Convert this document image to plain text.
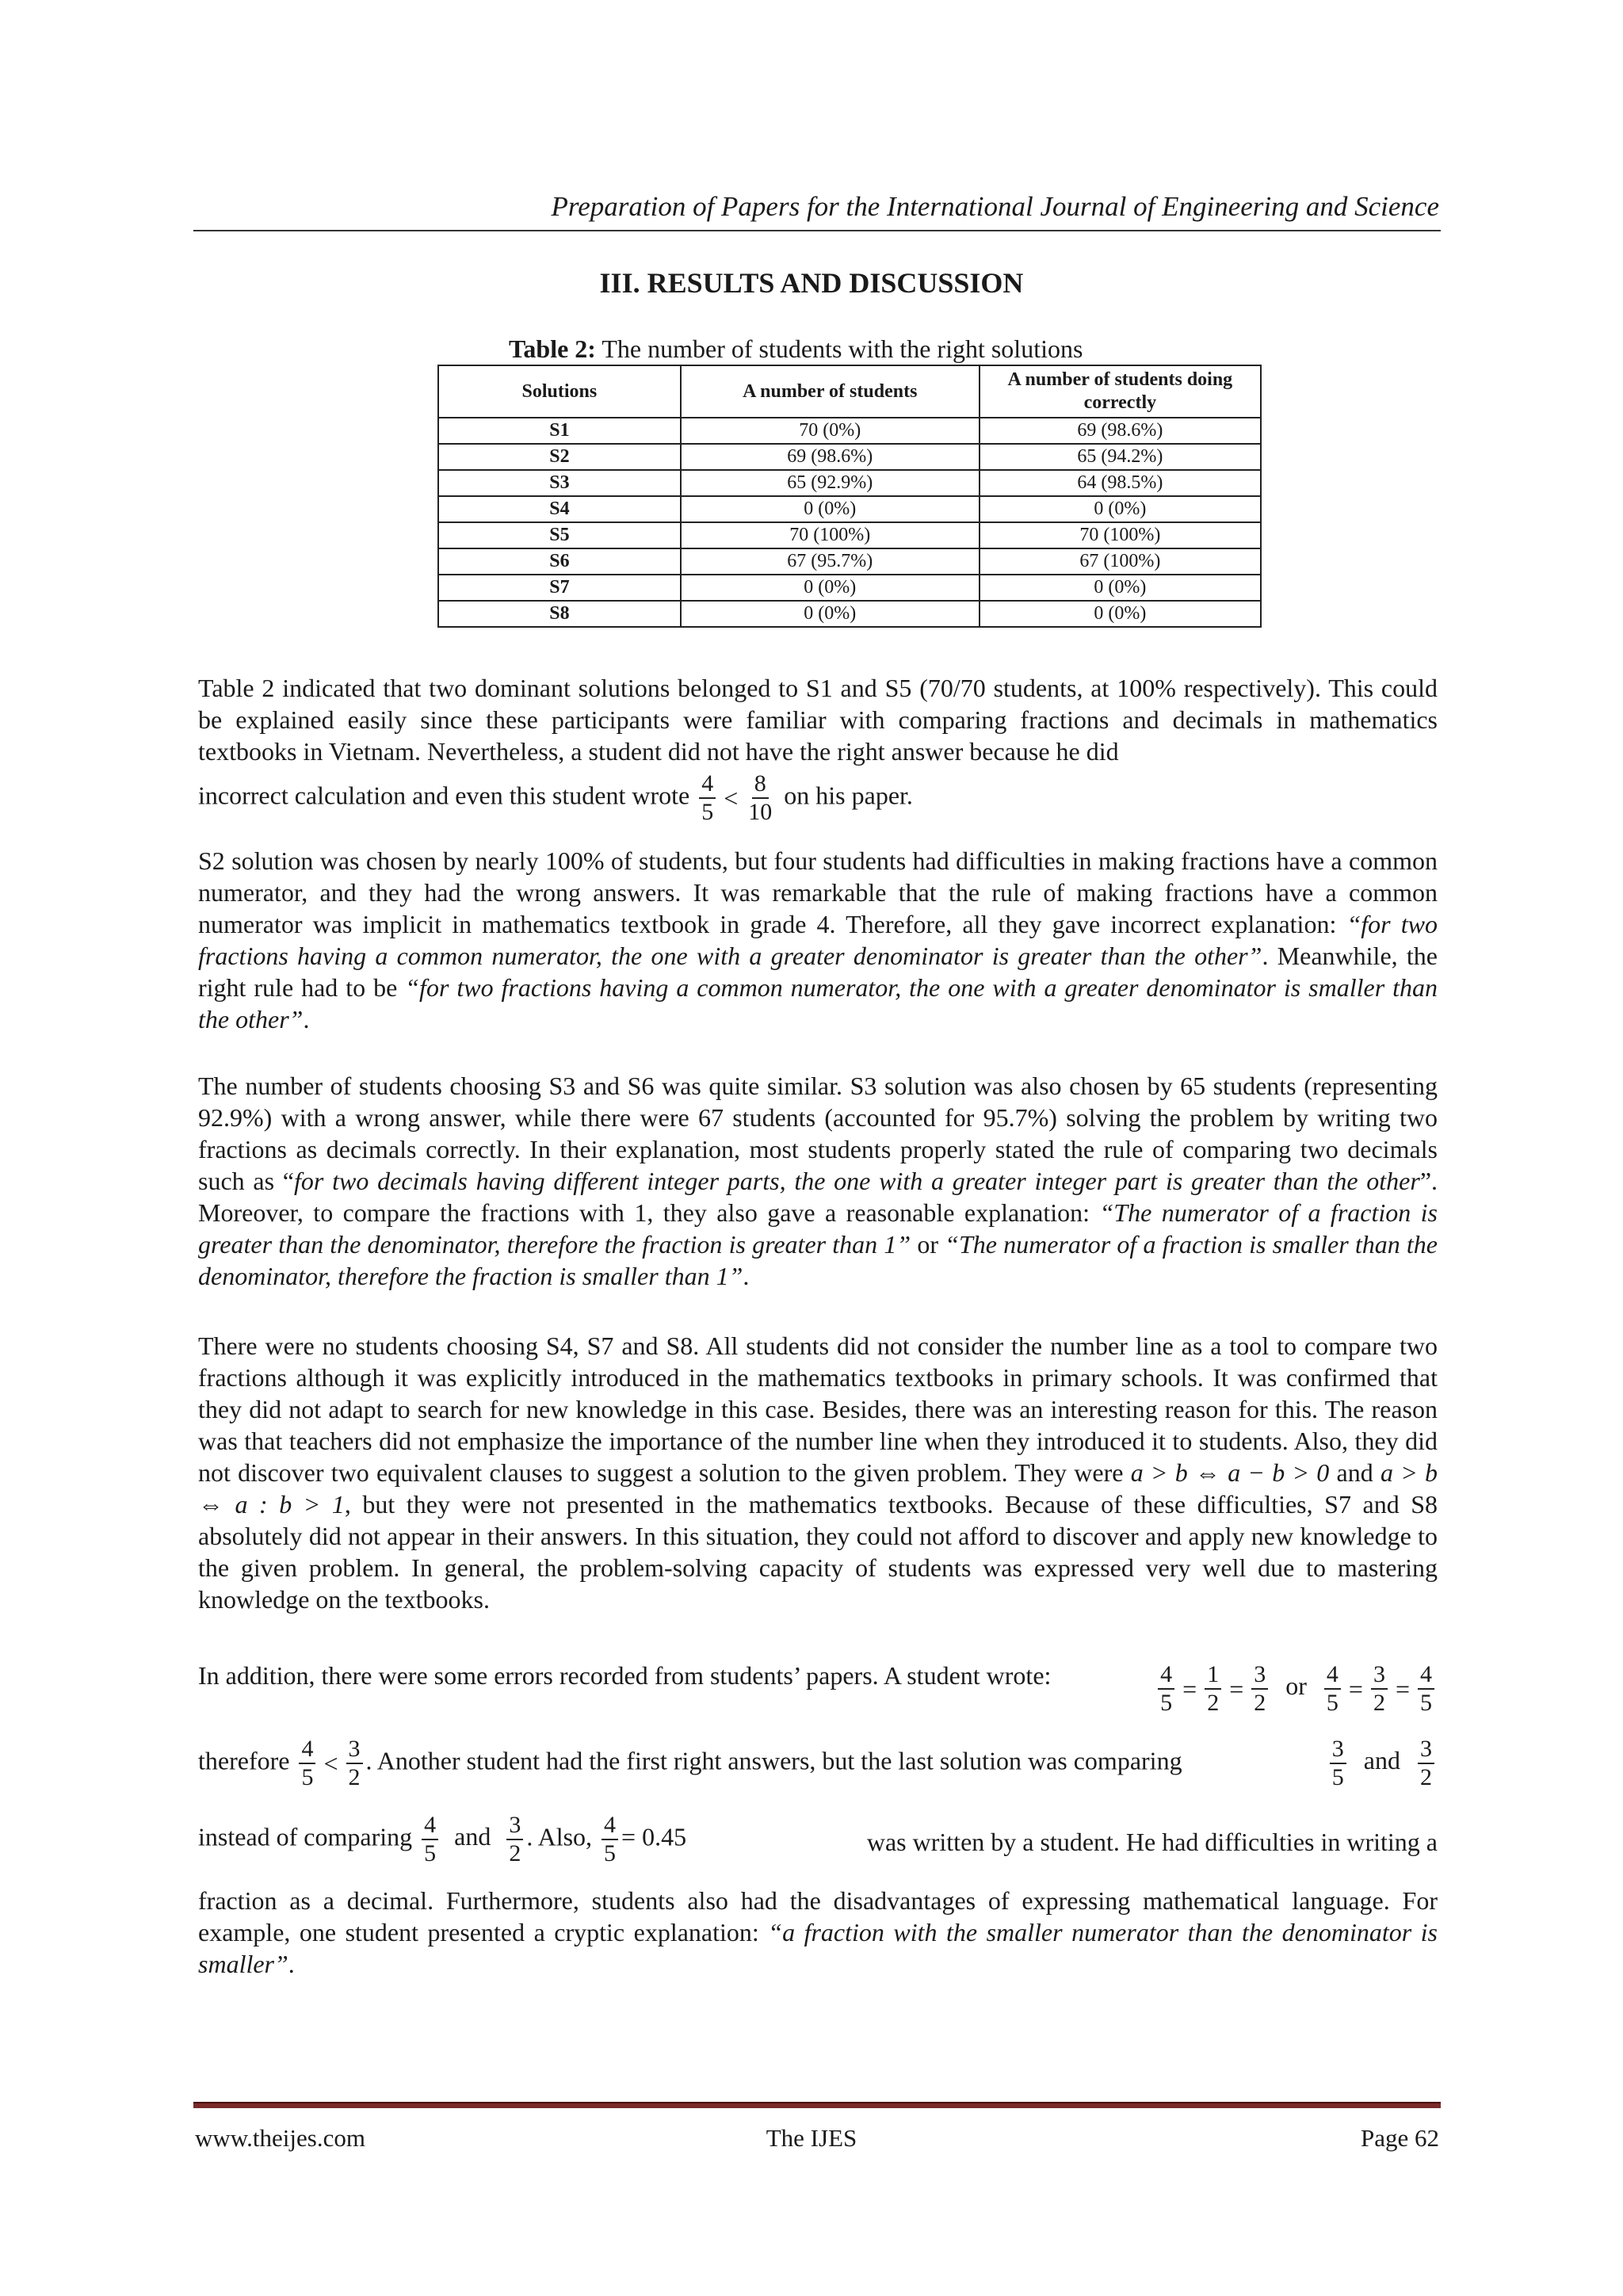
Preparation of Papers for the International Journal of Engineering and Science
III. RESULTS AND DISCUSSION
Table 2: The number of students with the right solutions
Solutions	A number of students	A number of students doing correctly
S1	70 (0%)	69 (98.6%)
S2	69 (98.6%)	65 (94.2%)
S3	65 (92.9%)	64 (98.5%)
S4	0 (0%)	0 (0%)
S5	70 (100%)	70 (100%)
S6	67 (95.7%)	67 (100%)
S7	0 (0%)	0 (0%)
S8	0 (0%)	0 (0%)
Table 2 indicated that two dominant solutions belonged to S1 and S5 (70/70 students, at 100% respectively). This could be explained easily since these participants were familiar with comparing fractions and decimals in mathematics textbooks in Vietnam. Nevertheless, a student did not have the right answer because he did
incorrect calculation and even this student wrote $\frac{4}{5} < \frac{8}{10}$ on his paper.
S2 solution was chosen by nearly 100% of students, but four students had difficulties in making fractions have a common numerator, and they had the wrong answers. It was remarkable that the rule of making fractions have a common numerator was implicit in mathematics textbook in grade 4. Therefore, all they gave incorrect explanation: “for two fractions having a common numerator, the one with a greater denominator is greater than the other”. Meanwhile, the right rule had to be “for two fractions having a common numerator, the one with a greater denominator is smaller than the other”.
The number of students choosing S3 and S6 was quite similar. S3 solution was also chosen by 65 students (representing 92.9%) with a wrong answer, while there were 67 students (accounted for 95.7%) solving the problem by writing two fractions as decimals correctly. In their explanation, most students properly stated the rule of comparing two decimals such as “for two decimals having different integer parts, the one with a greater integer part is greater than the other”. Moreover, to compare the fractions with 1, they also gave a reasonable explanation: “The numerator of a fraction is greater than the denominator, therefore the fraction is greater than 1” or “The numerator of a fraction is smaller than the denominator, therefore the fraction is smaller than 1”.
There were no students choosing S4, S7 and S8. All students did not consider the number line as a tool to compare two fractions although it was explicitly introduced in the mathematics textbooks in primary schools. It was confirmed that they did not adapt to search for new knowledge in this case. Besides, there was an interesting reason for this. The reason was that teachers did not emphasize the importance of the number line when they introduced it to students. Also, they did not discover two equivalent clauses to suggest a solution to the given problem. They were a > b ⇔ a − b > 0 and a > b ⇔ a : b > 1, but they were not presented in the mathematics textbooks. Because of these difficulties, S7 and S8 absolutely did not appear in their answers. In this situation, they could not afford to discover and apply new knowledge to the given problem. In general, the problem-solving capacity of students was expressed very well due to mastering knowledge on the textbooks.
In addition, there were some errors recorded from students’ papers. A student wrote:	$\frac{4}{5} = \frac{1}{2} = \frac{3}{2}$ or $\frac{4}{5} = \frac{3}{2} = \frac{4}{5}$
therefore $\frac{4}{5} < \frac{3}{2}$ . Another student had the first right answers, but the last solution was comparing	$\frac{3}{5}$ and $\frac{3}{2}$
instead of comparing $\frac{4}{5}$ and $\frac{3}{2}$ . Also, $\frac{4}{5} = 0.45$	was written by a student. He had difficulties in writing a
fraction as a decimal. Furthermore, students also had the disadvantages of expressing mathematical language. For example, one student presented a cryptic explanation: “a fraction with the smaller numerator than the denominator is smaller”.
www.theijes.com	The IJES	Page 62
